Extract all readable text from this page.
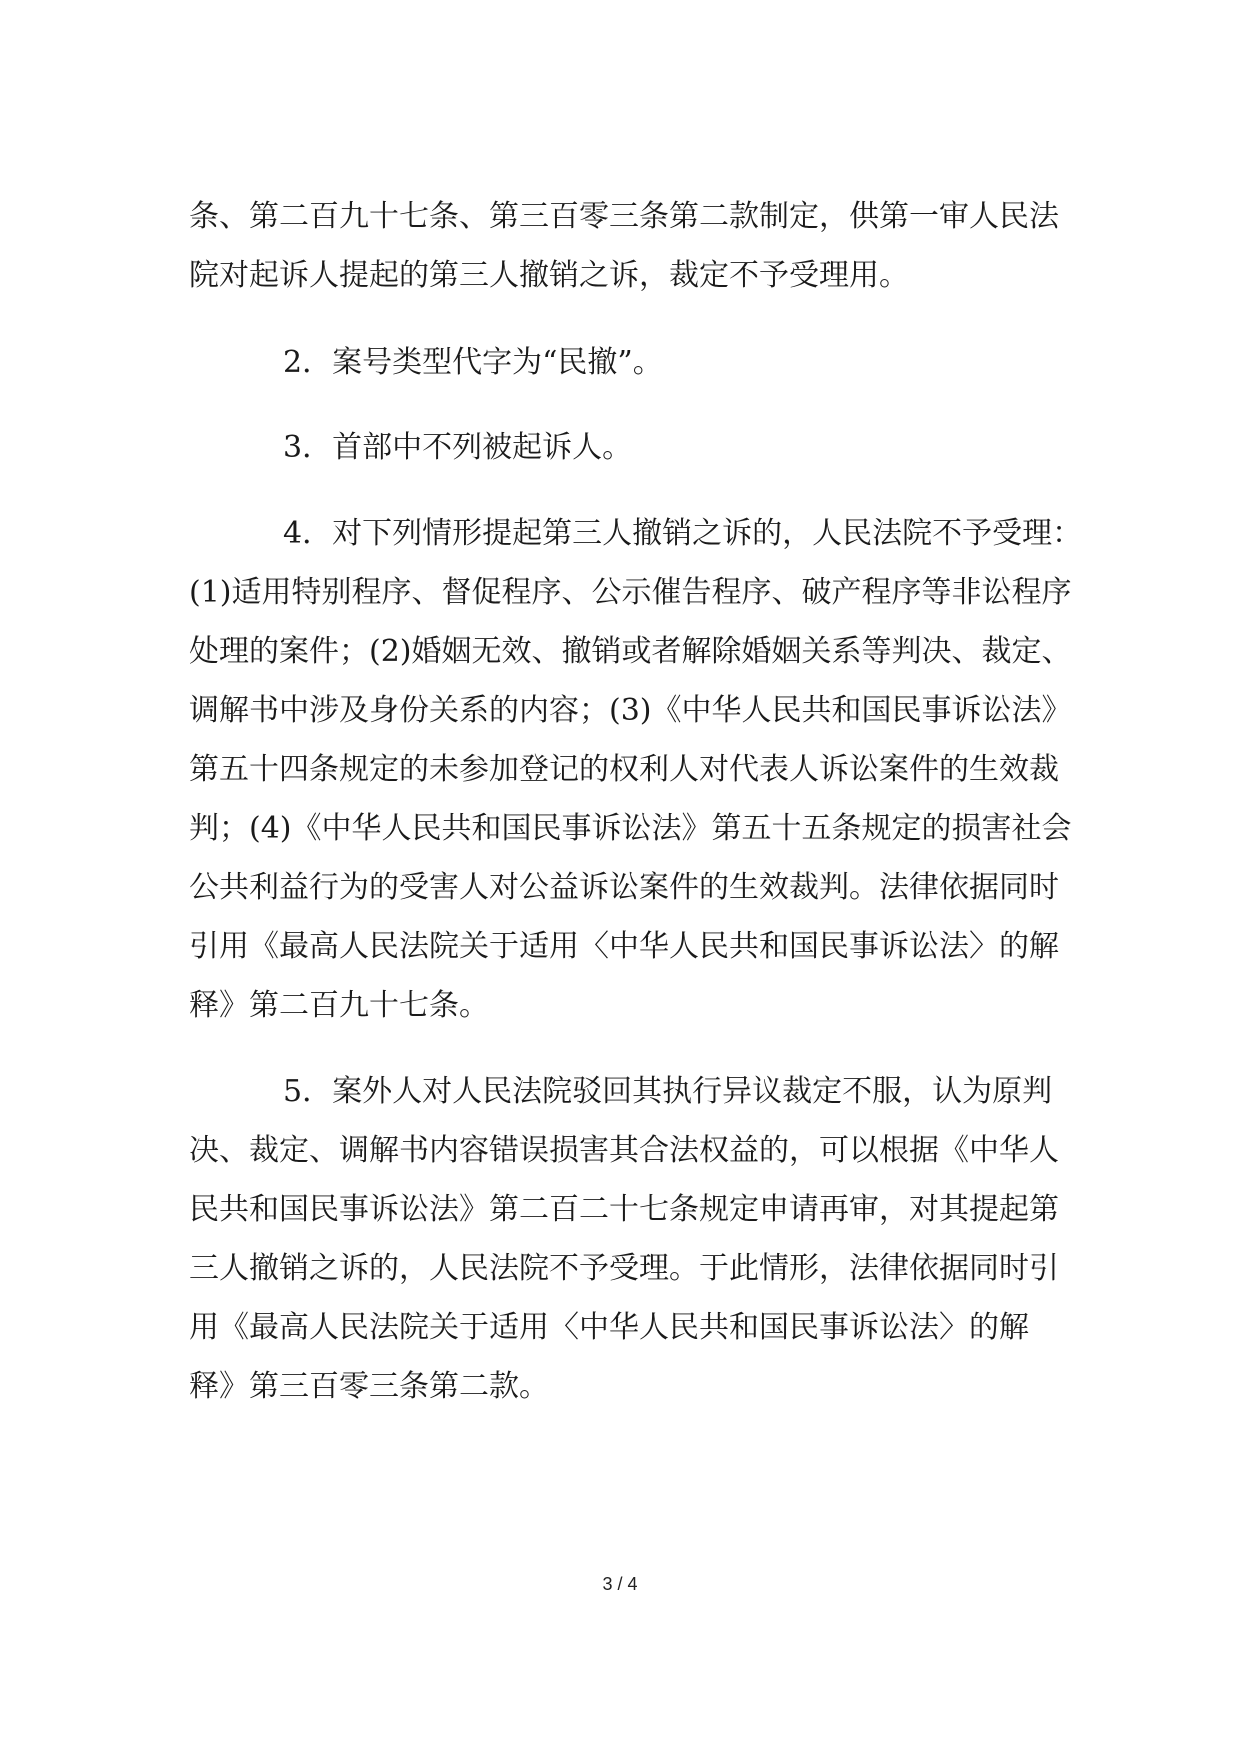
条、第二百九十七条、第三百零三条第二款制定，供第一审人民法
院对起诉人提起的第三人撤销之诉，裁定不予受理用。
2．案号类型代字为“民撤”。
3．首部中不列被起诉人。
4．对下列情形提起第三人撤销之诉的，人民法院不予受理：
(1)适用特别程序、督促程序、公示催告程序、破产程序等非讼程序
处理的案件；(2)婚姻无效、撤销或者解除婚姻关系等判决、裁定、
调解书中涉及身份关系的内容；(3)《中华人民共和国民事诉讼法》
第五十四条规定的未参加登记的权利人对代表人诉讼案件的生效裁
判；(4)《中华人民共和国民事诉讼法》第五十五条规定的损害社会
公共利益行为的受害人对公益诉讼案件的生效裁判。法律依据同时
引用《最高人民法院关于适用〈中华人民共和国民事诉讼法〉的解
释》第二百九十七条。
5．案外人对人民法院驳回其执行异议裁定不服，认为原判
决、裁定、调解书内容错误损害其合法权益的，可以根据《中华人
民共和国民事诉讼法》第二百二十七条规定申请再审，对其提起第
三人撤销之诉的，人民法院不予受理。于此情形，法律依据同时引
用《最高人民法院关于适用〈中华人民共和国民事诉讼法〉的解
释》第三百零三条第二款。
3 / 4
